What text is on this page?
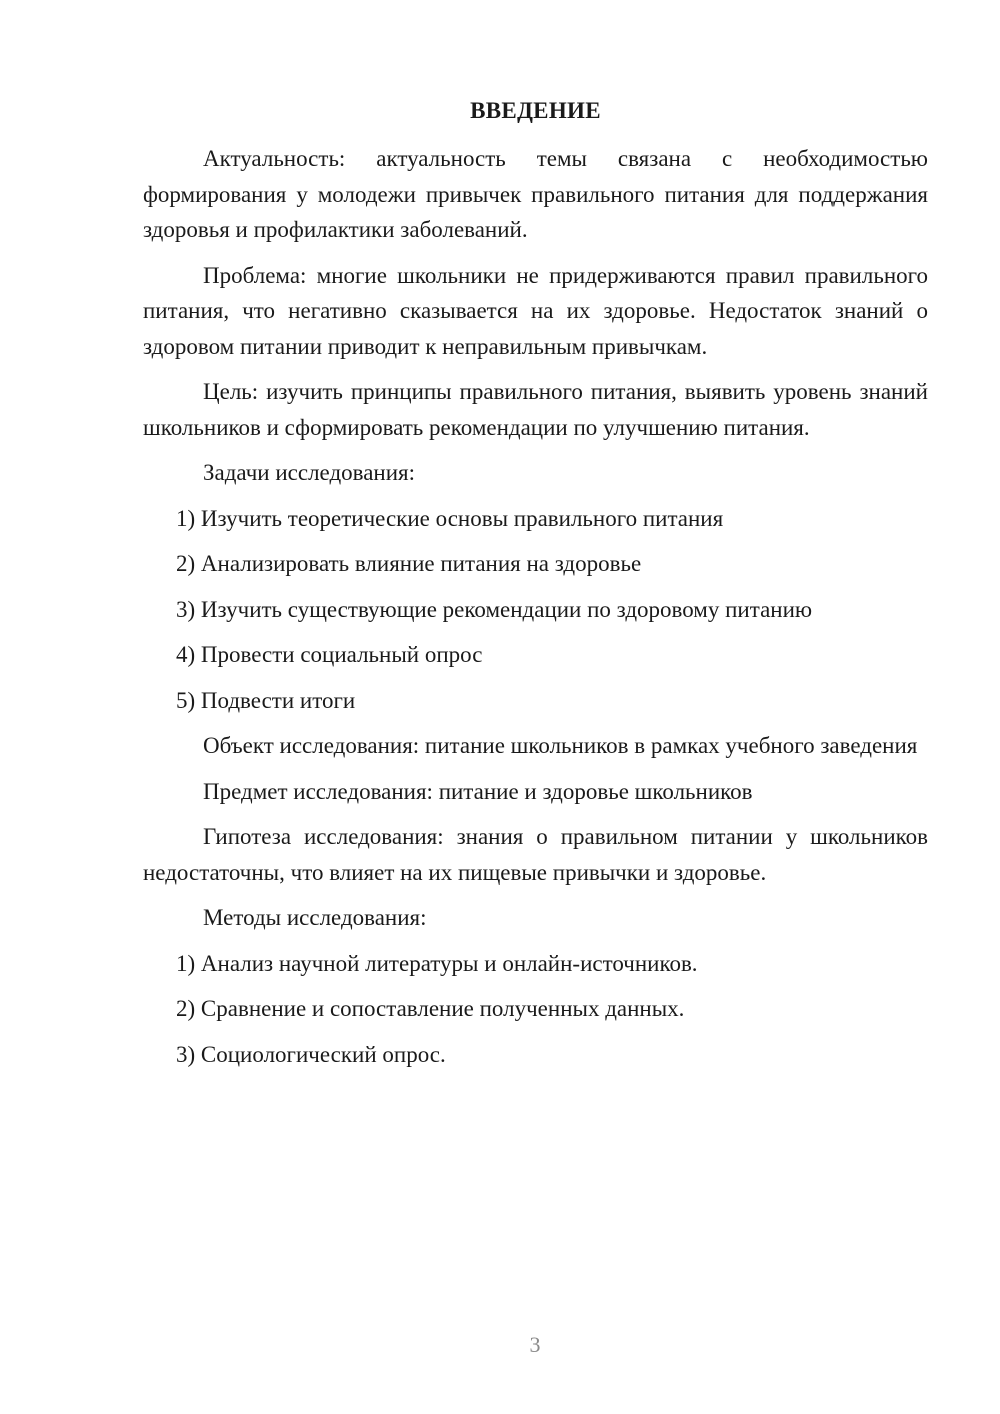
ВВЕДЕНИЕ

Актуальность: актуальность темы связана с необходимостью формирования у молодежи привычек правильного питания для поддержания здоровья и профилактики заболеваний.

Проблема: многие школьники не придерживаются правил правильного питания, что негативно сказывается на их здоровье. Недостаток знаний о здоровом питании приводит к неправильным привычкам.

Цель: изучить принципы правильного питания, выявить уровень знаний школьников и сформировать рекомендации по улучшению питания.

Задачи исследования:

1) Изучить теоретические основы правильного питания
2) Анализировать влияние питания на здоровье
3) Изучить существующие рекомендации по здоровому питанию
4) Провести социальный опрос
5) Подвести итоги

Объект исследования: питание школьников в рамках учебного заведения

Предмет исследования: питание и здоровье школьников

Гипотеза исследования: знания о правильном питании у школьников недостаточны, что влияет на их пищевые привычки и здоровье.

Методы исследования:

1) Анализ научной литературы и онлайн-источников.
2) Сравнение и сопоставление полученных данных.
3) Социологический опрос.
3
